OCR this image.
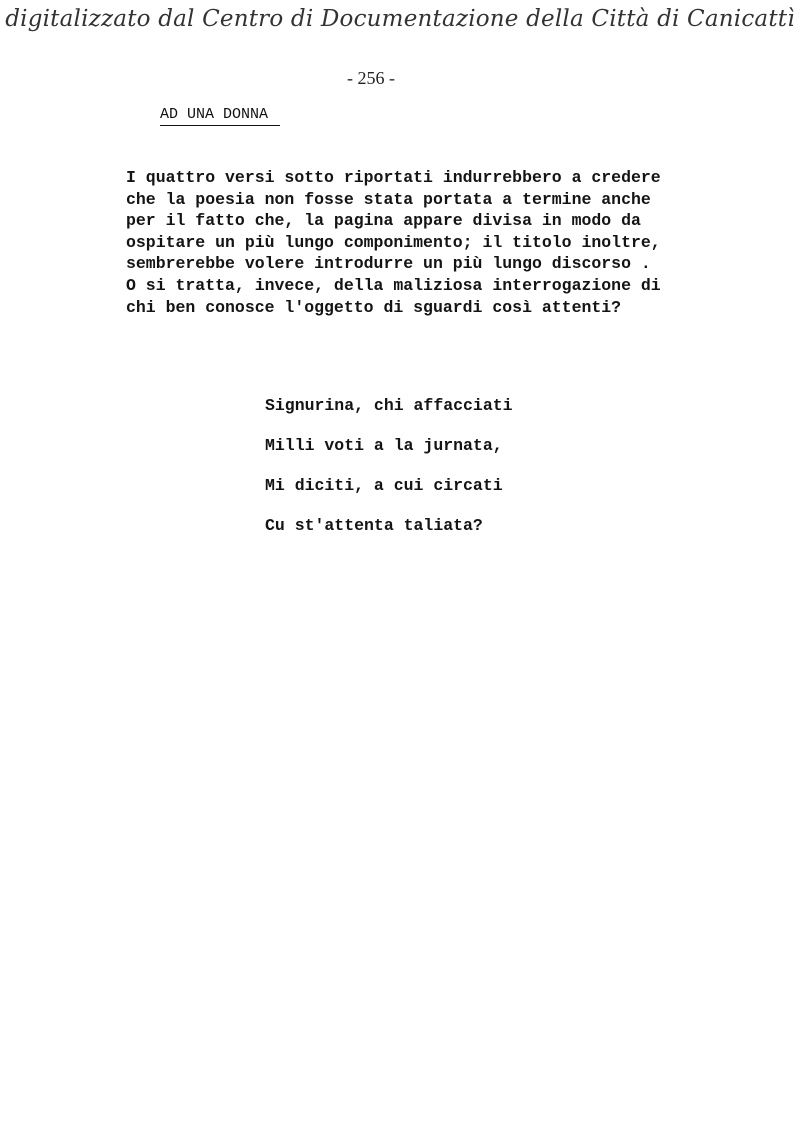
digitalizzato dal Centro di Documentazione della Città di Canicattì
- 256 -
AD UNA DONNA
I quattro versi sotto riportati indurrebbero a credere
che la poesia non fosse stata portata a termine anche
per il fatto che, la pagina appare divisa in modo da
ospitare un più lungo componimento; il titolo inoltre,
sembrerebbe volere introdurre un più lungo discorso .
O si tratta, invece, della maliziosa interrogazione di
chi ben conosce l'oggetto di sguardi così attenti?
Signurina, chi affacciati
Milli voti a la jurnata,
Mi diciti, a cui circati
Cu st'attenta taliata?
